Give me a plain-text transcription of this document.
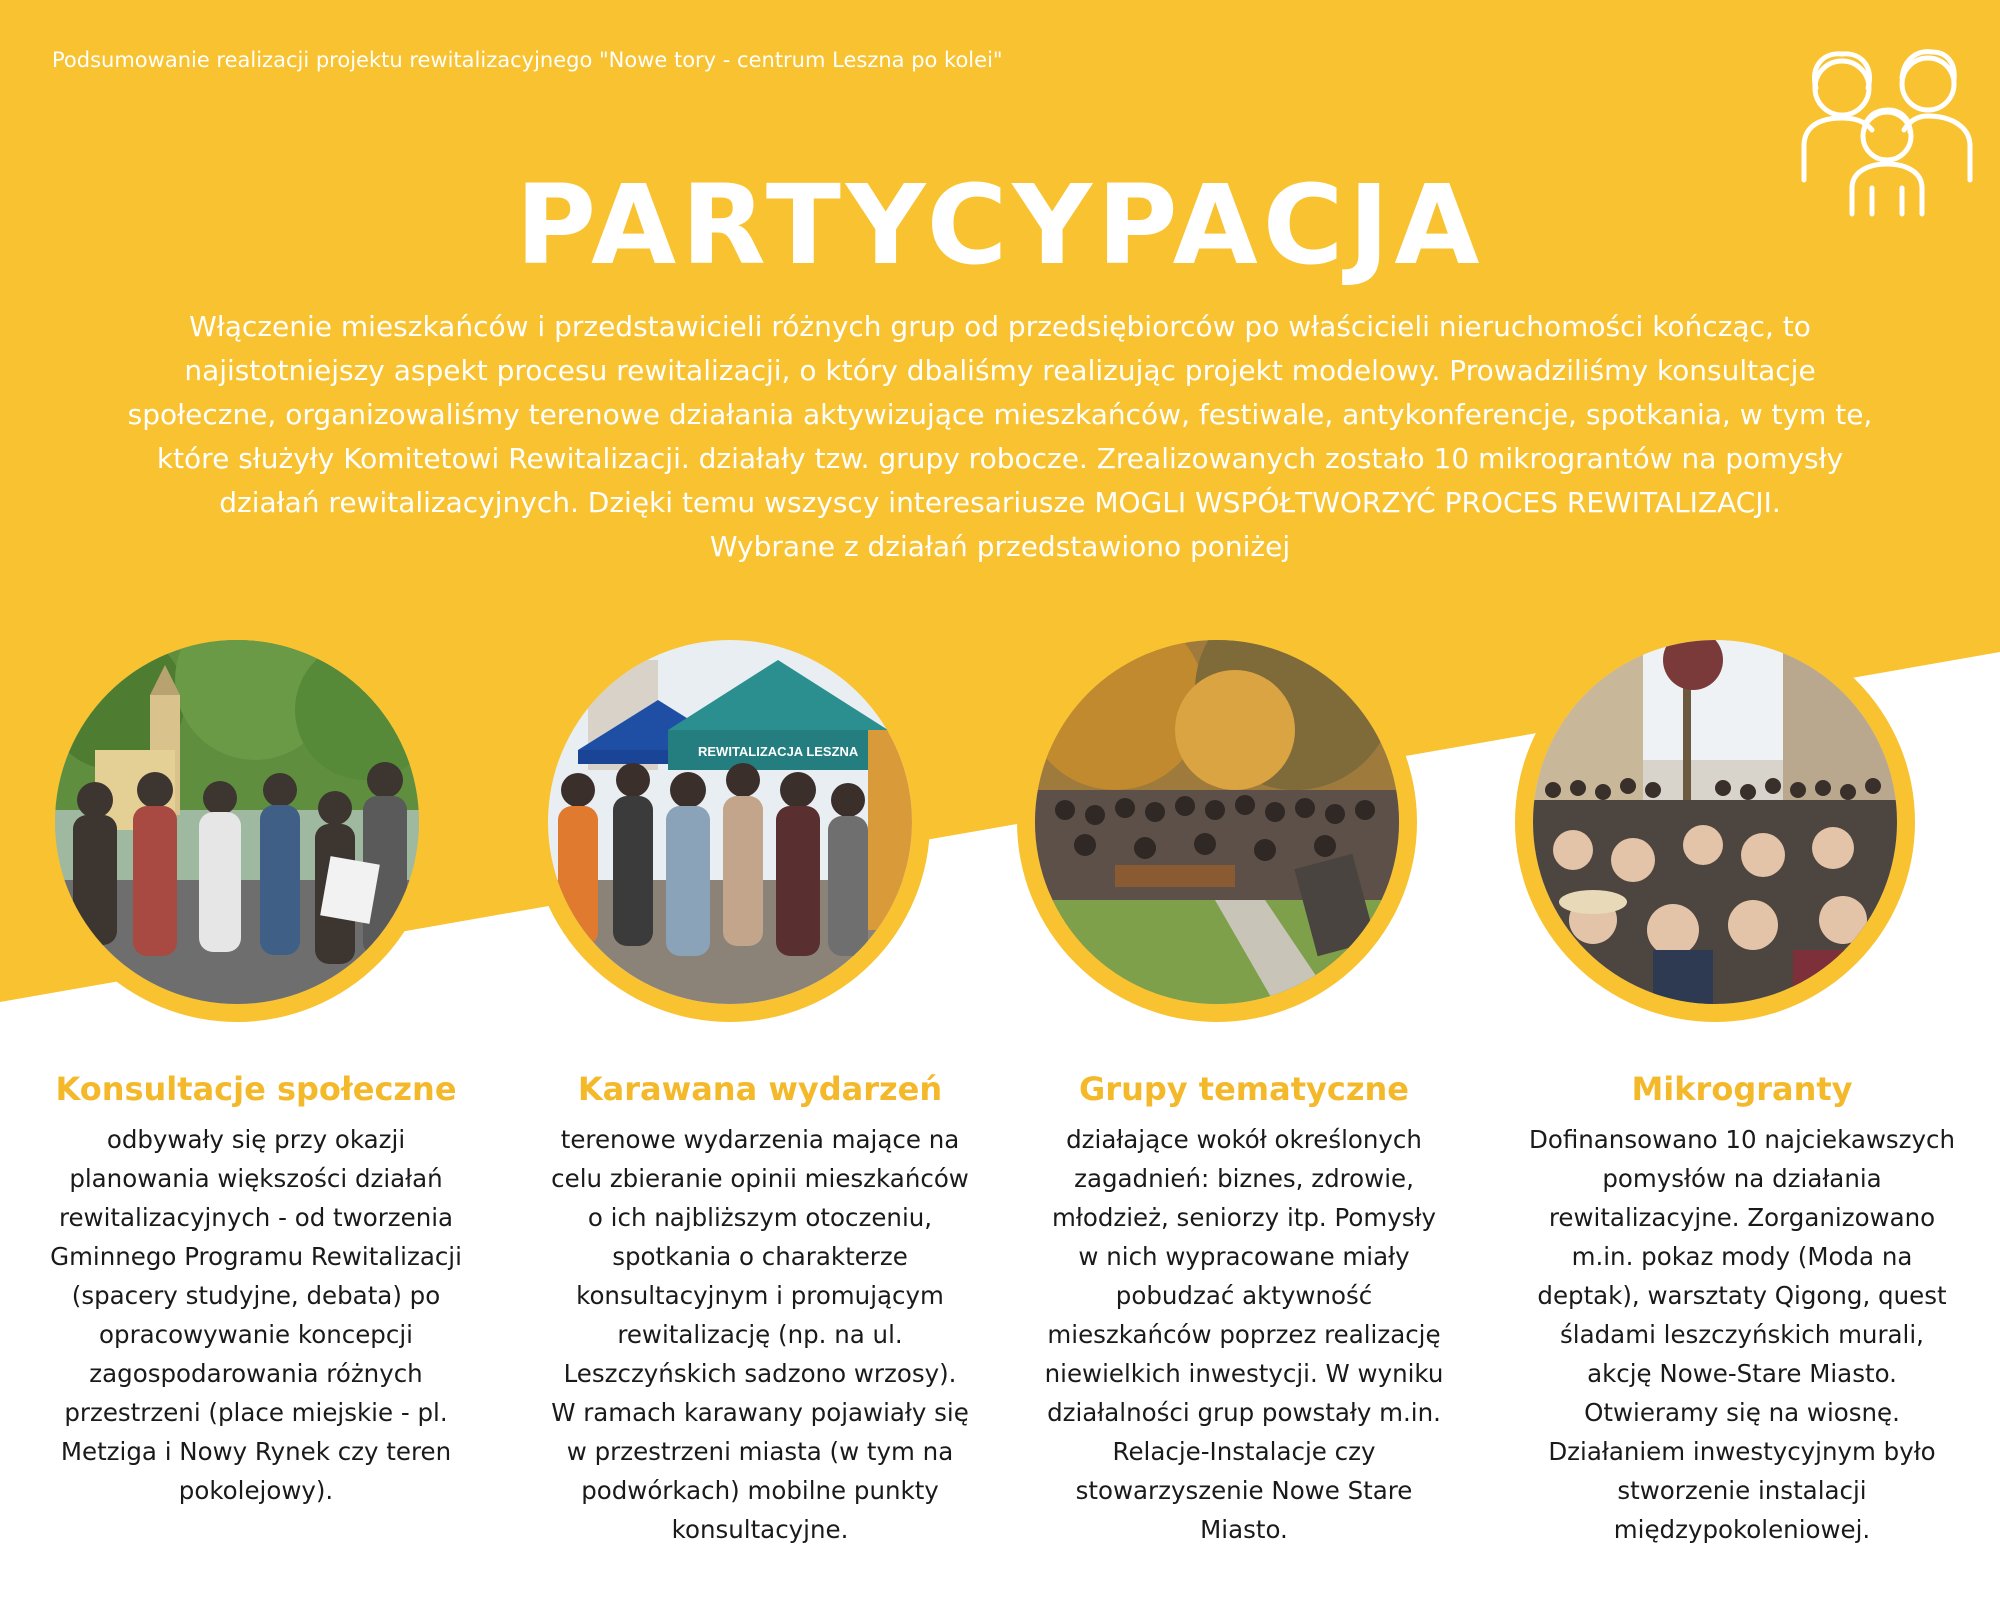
Podsumowanie realizacji projektu rewitalizacyjnego "Nowe tory - centrum Leszna po kolei"
PARTYCYPACJA

Włączenie mieszkańców i przedstawicieli różnych grup od przedsiębiorców po właścicieli nieruchomości kończąc, to

najistotniejszy aspekt procesu rewitalizacji, o który dbaliśmy realizując projekt modelowy. Prowadziliśmy konsultacje

społeczne, organizowaliśmy terenowe działania aktywizujące mieszkańców, festiwale, antykonferencje, spotkania, w tym te,

które służyły Komitetowi Rewitalizacji. działały tzw. grupy robocze. Zrealizowanych zostało 10 mikrograntów na pomysły

działań rewitalizacyjnych. Dzięki temu wszyscy interesariusze MOGLI WSPÓŁTWORZYĆ PROCES REWITALIZACJI.

Wybrane z działań przedstawiono poniżej

REWITALIZACJA LESZNA
Konsultacje społeczne

odbywały się przy okazji
planowania większości działań
rewitalizacyjnych - od tworzenia
Gminnego Programu Rewitalizacji
(spacery studyjne, debata) po
opracowywanie koncepcji
zagospodarowania różnych
przestrzeni (place miejskie - pl.
Metziga i Nowy Rynek czy teren
pokolejowy).

Karawana wydarzeń

terenowe wydarzenia mające na
celu zbieranie opinii mieszkańców
o ich najbliższym otoczeniu,
spotkania o charakterze
konsultacyjnym i promującym
rewitalizację (np. na ul.
Leszczyńskich sadzono wrzosy).
W ramach karawany pojawiały się
w przestrzeni miasta (w tym na
podwórkach) mobilne punkty
konsultacyjne.

Grupy tematyczne

działające wokół określonych
zagadnień: biznes, zdrowie,
młodzież, seniorzy itp. Pomysły
w nich wypracowane miały
pobudzać aktywność
mieszkańców poprzez realizację
niewielkich inwestycji. W wyniku
działalności grup powstały m.in.
Relacje-Instalacje czy
stowarzyszenie Nowe Stare
Miasto.

Mikrogranty

Dofinansowano 10 najciekawszych
pomysłów na działania
rewitalizacyjne. Zorganizowano
m.in. pokaz mody (Moda na
deptak), warsztaty Qigong, quest
śladami leszczyńskich murali,
akcję Nowe-Stare Miasto.
Otwieramy się na wiosnę.
Działaniem inwestycyjnym było
stworzenie instalacji
międzypokoleniowej.
